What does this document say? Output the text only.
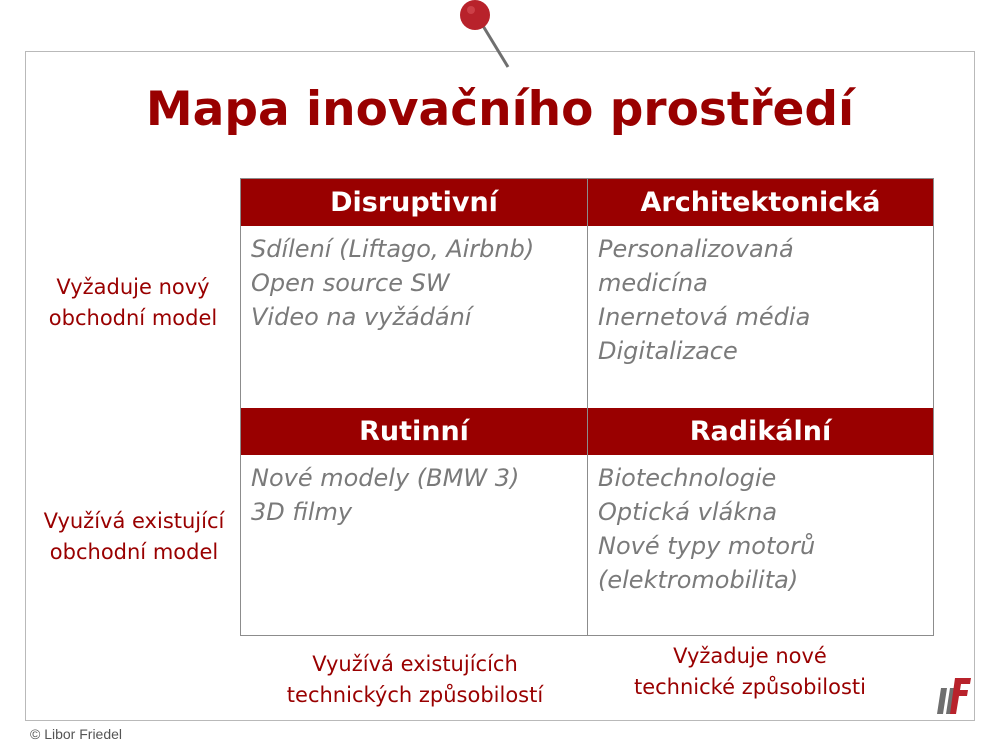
Mapa inovačního prostředí
Disruptivní
Sdílení (Liftago, Airbnb)
Open source SW
Video na vyžádání
Architektonická
Personalizovaná
medicína
Inernetová média
Digitalizace
Rutinní
Nové modely (BMW 3)
3D filmy
Radikální
Biotechnologie
Optická vlákna
Nové typy motorů
(elektromobilita)
Vyžaduje nový
obchodní model
Využívá existující
obchodní model
Využívá existujících
technických způsobilostí
Vyžaduje nové
technické způsobilosti
© Libor Friedel
